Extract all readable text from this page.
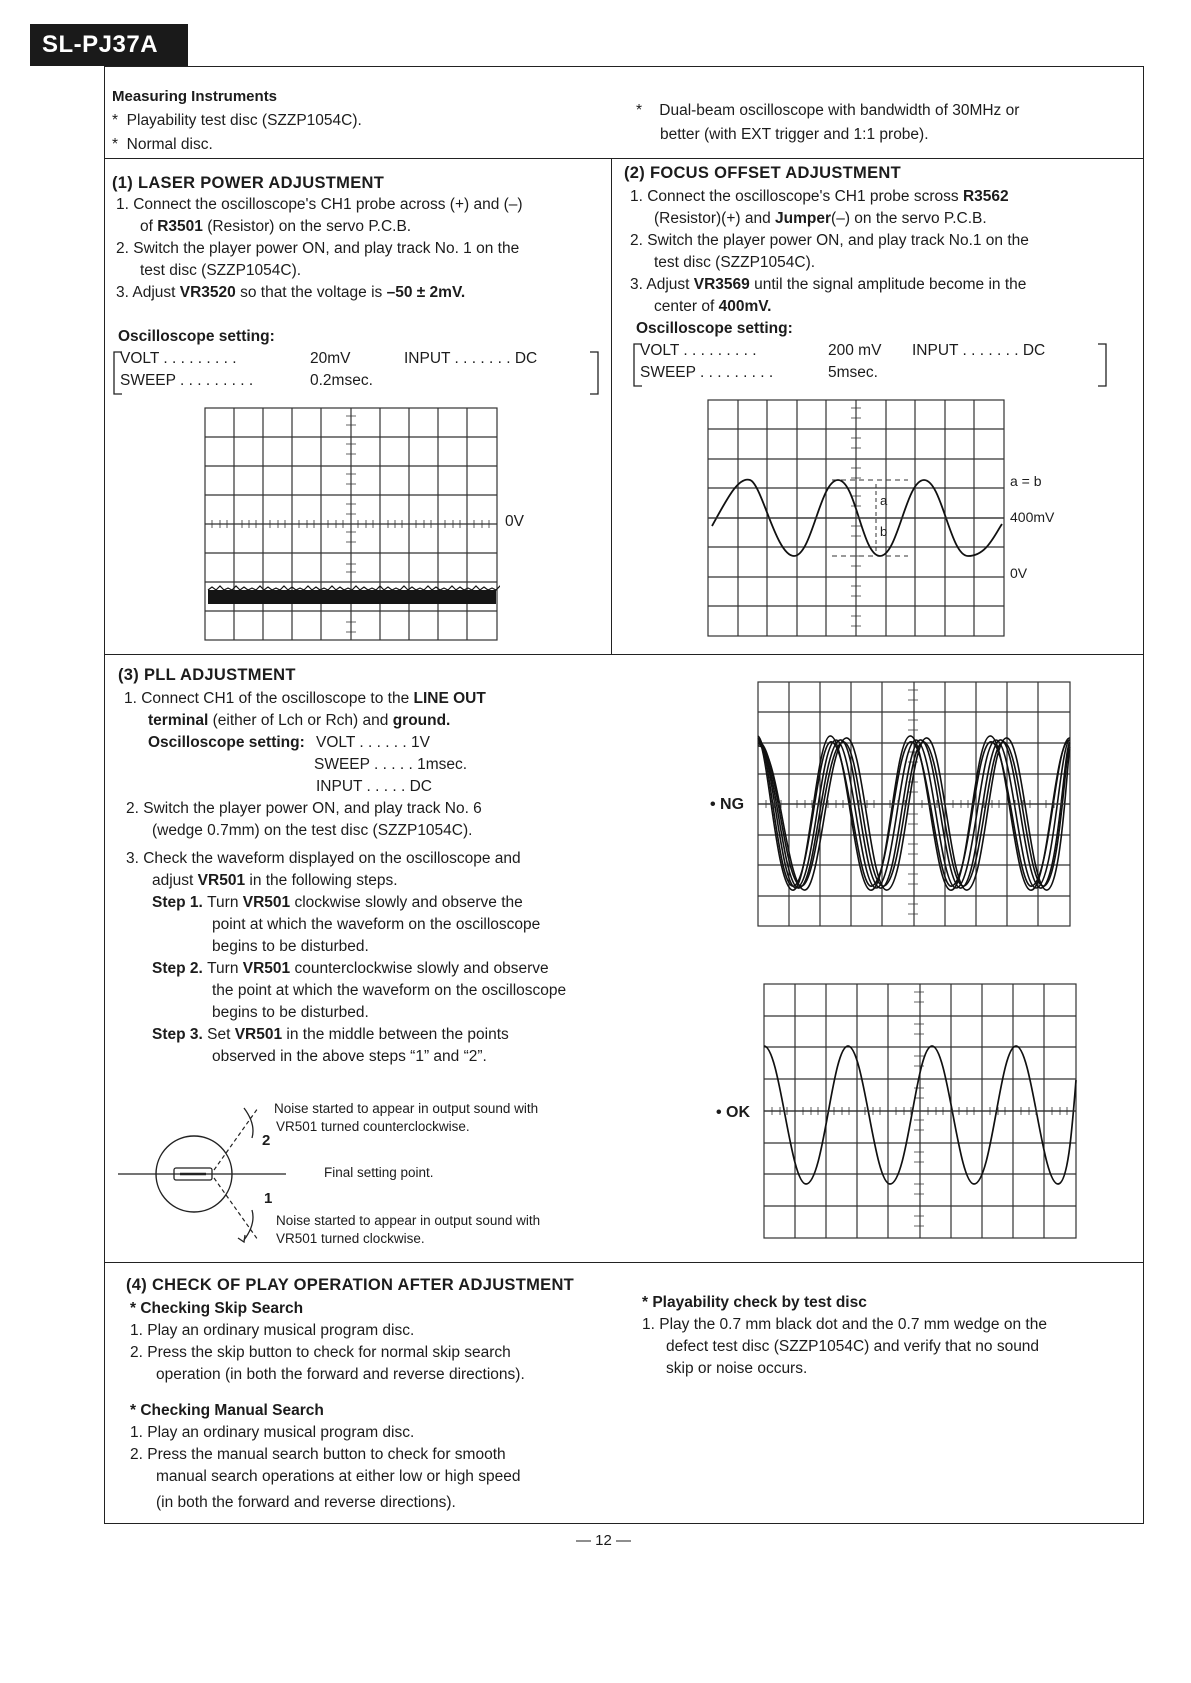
SL-PJ37A
Measuring Instruments
*  Playability test disc (SZZP1054C).
*  Normal disc.
*    Dual-beam oscilloscope with bandwidth of 30MHz or
better (with EXT trigger and 1:1 probe).
(1) LASER POWER ADJUSTMENT
1. Connect the oscilloscope's CH1 probe across (+) and (–)
of R3501 (Resistor) on the servo P.C.B.
2. Switch the player power ON, and play track No. 1 on the
test disc (SZZP1054C).
3. Adjust VR3520 so that the voltage is –50 ± 2mV.
Oscilloscope setting:
VOLT . . . . . . . . .	20mV	INPUT . . . . . . . DC
SWEEP . . . . . . . . .	0.2msec.
0V
(2) FOCUS OFFSET ADJUSTMENT
1. Connect the oscilloscope's CH1 probe scross R3562
(Resistor)(+) and Jumper(–) on the servo P.C.B.
2. Switch the player power ON, and play track No.1 on the
test disc (SZZP1054C).
3. Adjust VR3569 until the signal amplitude become in the
center of 400mV.
Oscilloscope setting:
VOLT . . . . . . . . .	200 mV INPUT . . . . . . . DC
SWEEP . . . . . . . . .	5msec.
a
b
a = b
400mV
0V
(3) PLL ADJUSTMENT
1. Connect CH1 of the oscilloscope to the LINE OUT
terminal (either of Lch or Rch) and ground.
Oscilloscope setting: VOLT . . . . . . 1V
SWEEP . . . . . 1msec.
INPUT . . . . . DC
2. Switch the player power ON, and play track No. 6
(wedge 0.7mm) on the test disc (SZZP1054C).
3. Check the waveform displayed on the oscilloscope and
adjust VR501 in the following steps.
Step 1. Turn VR501 clockwise slowly and observe the
point at which the waveform on the oscilloscope
begins to be disturbed.
Step 2. Turn VR501 counterclockwise slowly and observe
the point at which the waveform on the oscilloscope
begins to be disturbed.
Step 3. Set VR501 in the middle between the points
observed in the above steps “1” and “2”.
2
1
Noise started to appear in output sound with
VR501 turned counterclockwise.
Final setting point.
Noise started to appear in output sound with
VR501 turned clockwise.
• NG
• OK
(4) CHECK OF PLAY OPERATION AFTER ADJUSTMENT
* Checking Skip Search
1. Play an ordinary musical program disc.
2. Press the skip button to check for normal skip search
operation (in both the forward and reverse directions).
* Checking Manual Search
1. Play an ordinary musical program disc.
2. Press the manual search button to check for smooth
manual search operations at either low or high speed
(in both the forward and reverse directions).
* Playability check by test disc
1. Play the 0.7 mm black dot and the 0.7 mm wedge on the
defect test disc (SZZP1054C) and verify that no sound
skip or noise occurs.
— 12 —
